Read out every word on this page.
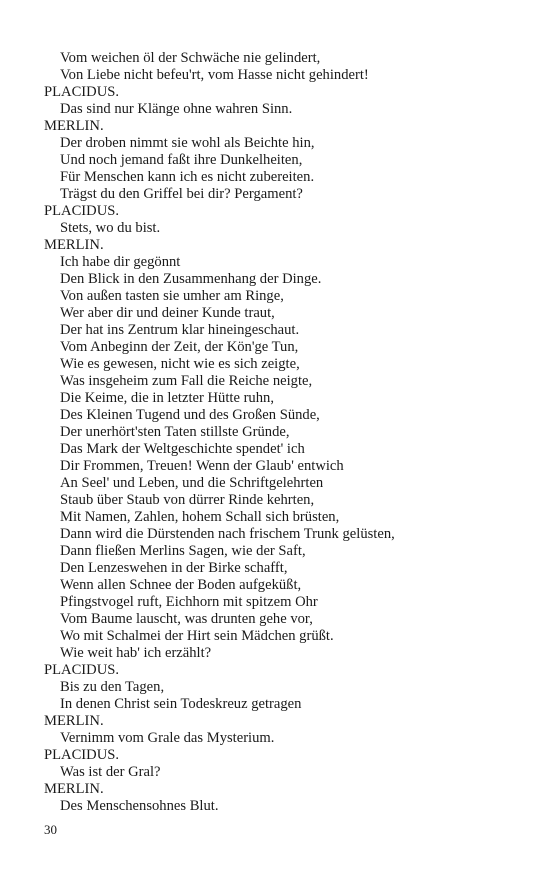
Vom weichen öl der Schwäche nie gelindert,
Von Liebe nicht befeu'rt, vom Hasse nicht gehindert!
PLACIDUS.
Das sind nur Klänge ohne wahren Sinn.
MERLIN.
Der droben nimmt sie wohl als Beichte hin,
Und noch jemand faßt ihre Dunkelheiten,
Für Menschen kann ich es nicht zubereiten.
Trägst du den Griffel bei dir? Pergament?
PLACIDUS.
Stets, wo du bist.
MERLIN.
Ich habe dir gegönnt
Den Blick in den Zusammenhang der Dinge.
Von außen tasten sie umher am Ringe,
Wer aber dir und deiner Kunde traut,
Der hat ins Zentrum klar hineingeschaut.
Vom Anbeginn der Zeit, der Kön'ge Tun,
Wie es gewesen, nicht wie es sich zeigte,
Was insgeheim zum Fall die Reiche neigte,
Die Keime, die in letzter Hütte ruhn,
Des Kleinen Tugend und des Großen Sünde,
Der unerhört'sten Taten stillste Gründe,
Das Mark der Weltgeschichte spendet' ich
Dir Frommen, Treuen! Wenn der Glaub' entwich
An Seel' und Leben, und die Schriftgelehrten
Staub über Staub von dürrer Rinde kehrten,
Mit Namen, Zahlen, hohem Schall sich brüsten,
Dann wird die Dürstenden nach frischem Trunk gelüsten,
Dann fließen Merlins Sagen, wie der Saft,
Den Lenzeswehen in der Birke schafft,
Wenn allen Schnee der Boden aufgeküßt,
Pfingstvogel ruft, Eichhorn mit spitzem Ohr
Vom Baume lauscht, was drunten gehe vor,
Wo mit Schalmei der Hirt sein Mädchen grüßt.
Wie weit hab' ich erzählt?
PLACIDUS.
Bis zu den Tagen,
In denen Christ sein Todeskreuz getragen
MERLIN.
Vernimm vom Grale das Mysterium.
PLACIDUS.
Was ist der Gral?
MERLIN.
Des Menschensohnes Blut.
30
